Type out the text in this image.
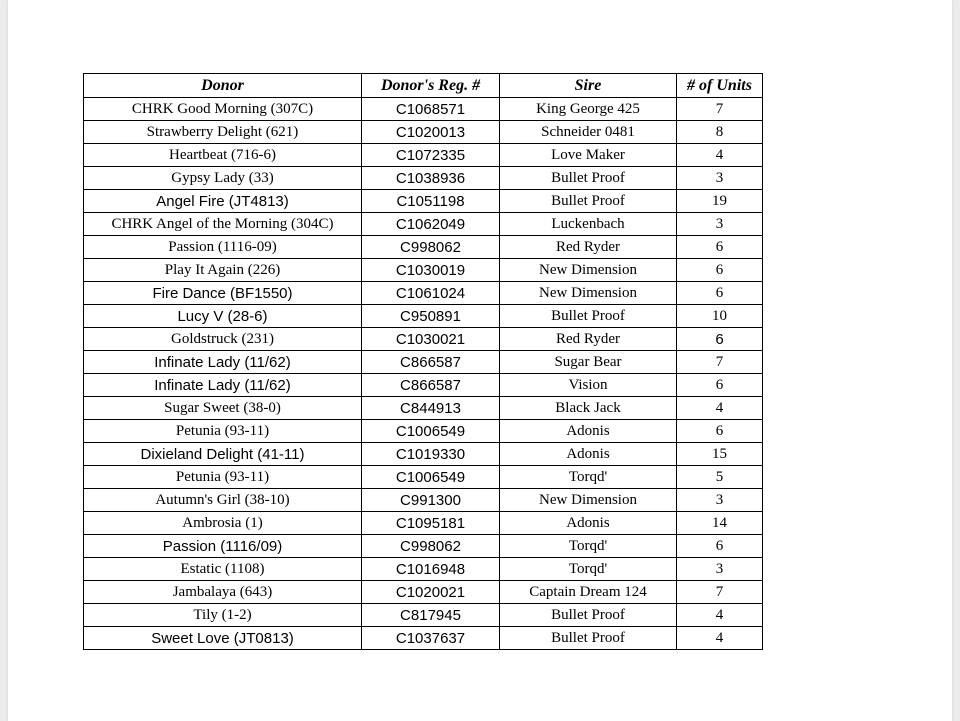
Donor	Donor's Reg. #	Sire	# of Units
CHRK Good Morning (307C)	C1068571	King George 425	7
Strawberry Delight (621)	C1020013	Schneider 0481	8
Heartbeat (716-6)	C1072335	Love Maker	4
Gypsy Lady (33)	C1038936	Bullet Proof	3
Angel Fire (JT4813)	C1051198	Bullet Proof	19
CHRK Angel of the Morning (304C)	C1062049	Luckenbach	3
Passion (1116-09)	C998062	Red Ryder	6
Play It Again (226)	C1030019	New Dimension	6
Fire Dance (BF1550)	C1061024	New Dimension	6
Lucy V (28-6)	C950891	Bullet Proof	10
Goldstruck (231)	C1030021	Red Ryder	6
Infinate Lady (11/62)	C866587	Sugar Bear	7
Infinate Lady (11/62)	C866587	Vision	6
Sugar Sweet (38-0)	C844913	Black Jack	4
Petunia (93-11)	C1006549	Adonis	6
Dixieland Delight (41-11)	C1019330	Adonis	15
Petunia (93-11)	C1006549	Torqd'	5
Autumn's Girl (38-10)	C991300	New Dimension	3
Ambrosia (1)	C1095181	Adonis	14
Passion (1116/09)	C998062	Torqd'	6
Estatic (1108)	C1016948	Torqd'	3
Jambalaya (643)	C1020021	Captain Dream 124	7
Tily (1-2)	C817945	Bullet Proof	4
Sweet Love (JT0813)	C1037637	Bullet Proof	4
